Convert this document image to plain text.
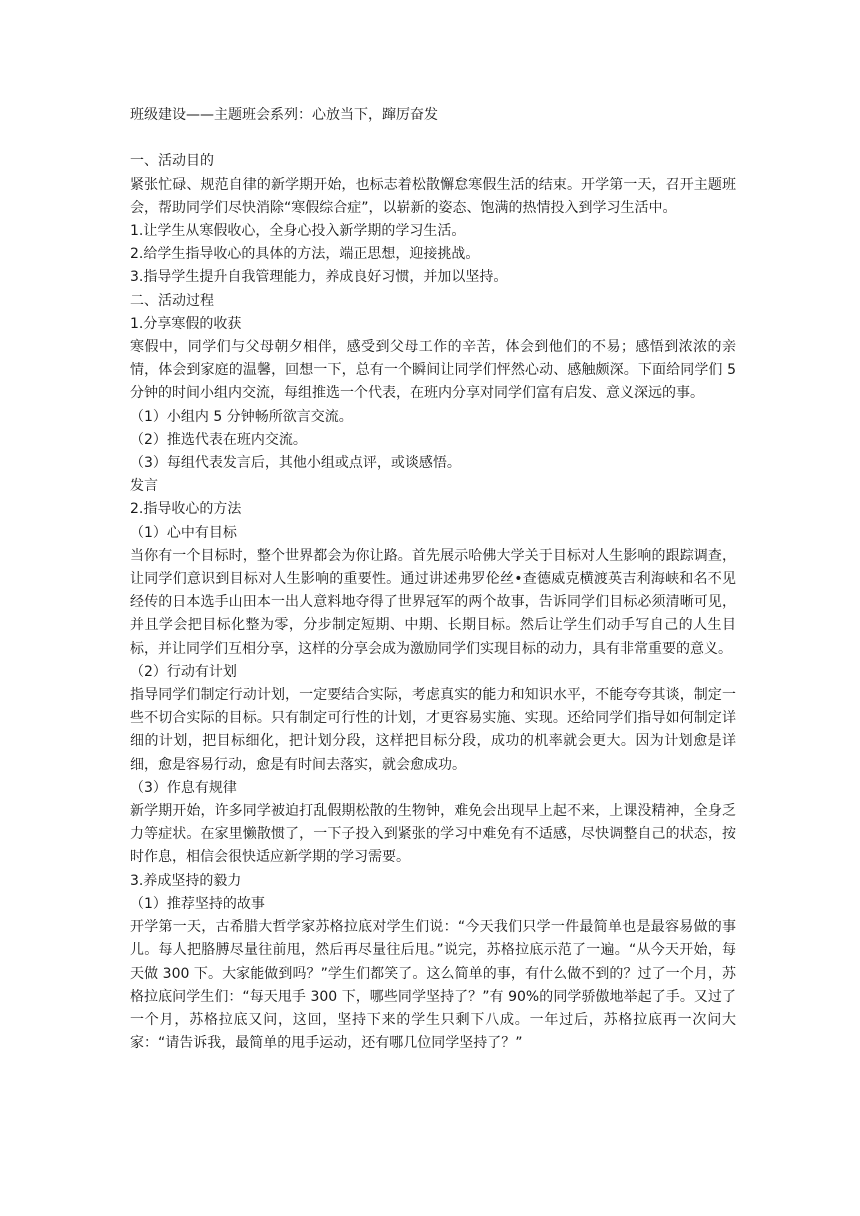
班级建设——主题班会系列：心放当下，蹿厉奋发

一、活动目的

紧张忙碌、规范自律的新学期开始，也标志着松散懈怠寒假生活的结束。开学第一天，召开主题班会，帮助同学们尽快消除“寒假综合症”，以崭新的姿态、饱满的热情投入到学习生活中。

1.让学生从寒假收心，全身心投入新学期的学习生活。

2.给学生指导收心的具体的方法，端正思想，迎接挑战。

3.指导学生提升自我管理能力，养成良好习惯，并加以坚持。

二、活动过程

1.分享寒假的收获

寒假中，同学们与父母朝夕相伴，感受到父母工作的辛苦，体会到他们的不易；感悟到浓浓的亲情，体会到家庭的温馨，回想一下，总有一个瞬间让同学们怦然心动、感触颇深。下面给同学们 5 分钟的时间小组内交流，每组推选一个代表，在班内分享对同学们富有启发、意义深远的事。

（1）小组内 5 分钟畅所欲言交流。

（2）推选代表在班内交流。

（3）每组代表发言后，其他小组或点评，或谈感悟。

发言

2.指导收心的方法

（1）心中有目标

当你有一个目标时，整个世界都会为你让路。首先展示哈佛大学关于目标对人生影响的跟踪调查，让同学们意识到目标对人生影响的重要性。通过讲述弗罗伦丝•查德威克横渡英吉利海峡和名不见经传的日本选手山田本一出人意料地夺得了世界冠军的两个故事，告诉同学们目标必须清晰可见，并且学会把目标化整为零，分步制定短期、中期、长期目标。然后让学生们动手写自己的人生目标，并让同学们互相分享，这样的分享会成为激励同学们实现目标的动力，具有非常重要的意义。

（2）行动有计划

指导同学们制定行动计划，一定要结合实际，考虑真实的能力和知识水平，不能夸夸其谈，制定一些不切合实际的目标。只有制定可行性的计划，才更容易实施、实现。还给同学们指导如何制定详细的计划，把目标细化，把计划分段，这样把目标分段，成功的机率就会更大。因为计划愈是详细，愈是容易行动，愈是有时间去落实，就会愈成功。

（3）作息有规律

新学期开始，许多同学被迫打乱假期松散的生物钟，难免会出现早上起不来，上课没精神，全身乏力等症状。在家里懒散惯了，一下子投入到紧张的学习中难免有不适感，尽快调整自己的状态，按时作息，相信会很快适应新学期的学习需要。

3.养成坚持的毅力

（1）推荐坚持的故事

开学第一天，古希腊大哲学家苏格拉底对学生们说：“今天我们只学一件最简单也是最容易做的事儿。每人把胳膊尽量往前甩，然后再尽量往后甩。”说完，苏格拉底示范了一遍。“从今天开始，每天做 300 下。大家能做到吗？”学生们都笑了。这么简单的事，有什么做不到的？过了一个月，苏格拉底问学生们：“每天甩手 300 下，哪些同学坚持了？”有 90%的同学骄傲地举起了手。又过了一个月，苏格拉底又问，这回，坚持下来的学生只剩下八成。一年过后，苏格拉底再一次问大家：“请告诉我，最简单的甩手运动，还有哪几位同学坚持了？”
